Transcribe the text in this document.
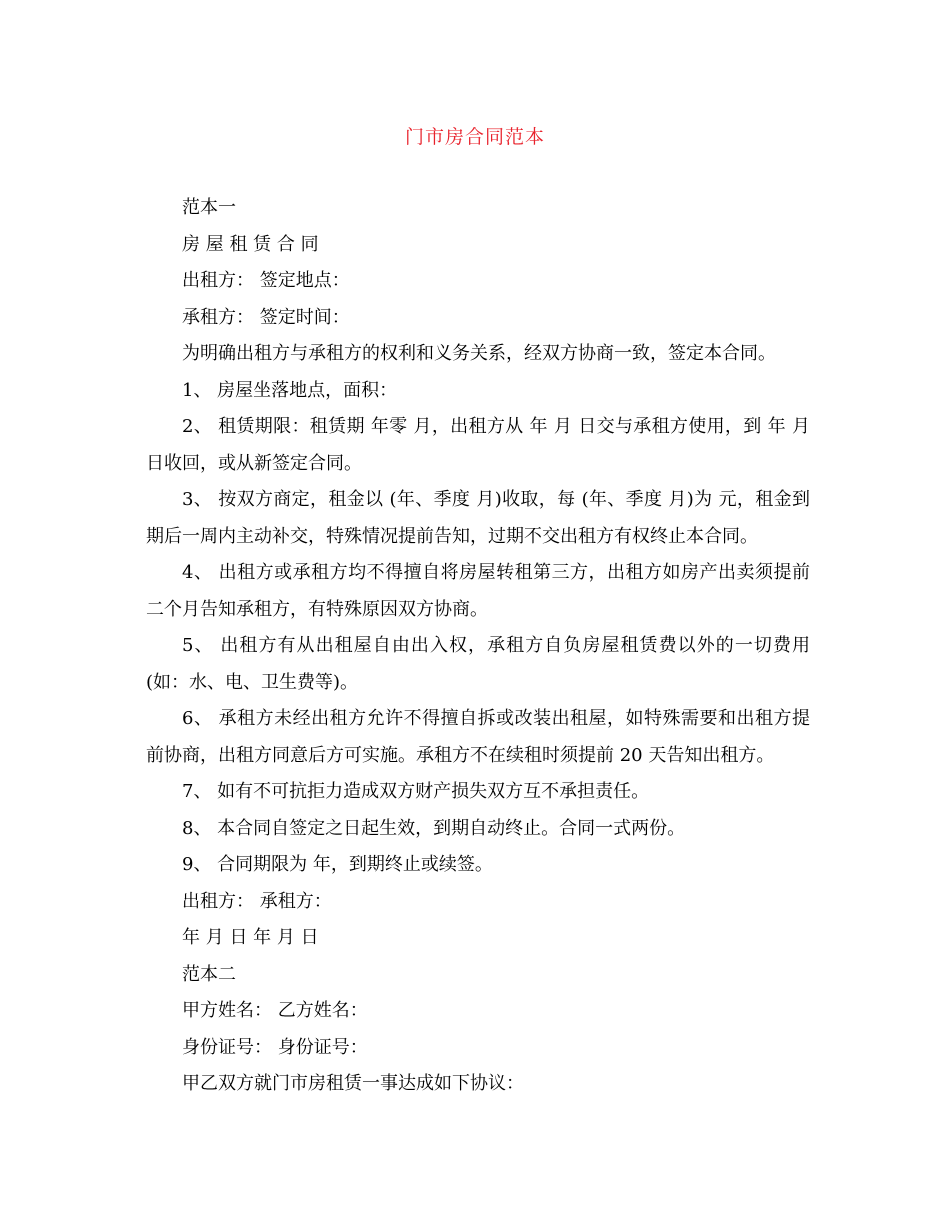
门市房合同范本

范本一

房 屋 租 赁 合 同

出租方： 签定地点：

承租方： 签定时间：

为明确出租方与承租方的权利和义务关系，经双方协商一致，签定本合同。

1、 房屋坐落地点，面积：

2、 租赁期限：租赁期 年零 月，出租方从 年 月 日交与承租方使用，到 年 月日收回，或从新签定合同。

3、 按双方商定，租金以 (年、季度 月)收取，每 (年、季度 月)为 元，租金到期后一周内主动补交，特殊情况提前告知，过期不交出租方有权终止本合同。

4、 出租方或承租方均不得擅自将房屋转租第三方，出租方如房产出卖须提前二个月告知承租方，有特殊原因双方协商。

5、 出租方有从出租屋自由出入权，承租方自负房屋租赁费以外的一切费用(如：水、电、卫生费等)。

6、 承租方未经出租方允许不得擅自拆或改装出租屋，如特殊需要和出租方提前协商，出租方同意后方可实施。承租方不在续租时须提前 20 天告知出租方。

7、 如有不可抗拒力造成双方财产损失双方互不承担责任。

8、 本合同自签定之日起生效，到期自动终止。合同一式两份。

9、 合同期限为 年，到期终止或续签。

出租方： 承租方：

年 月 日 年 月 日

范本二

甲方姓名： 乙方姓名：

身份证号： 身份证号：

甲乙双方就门市房租赁一事达成如下协议：
